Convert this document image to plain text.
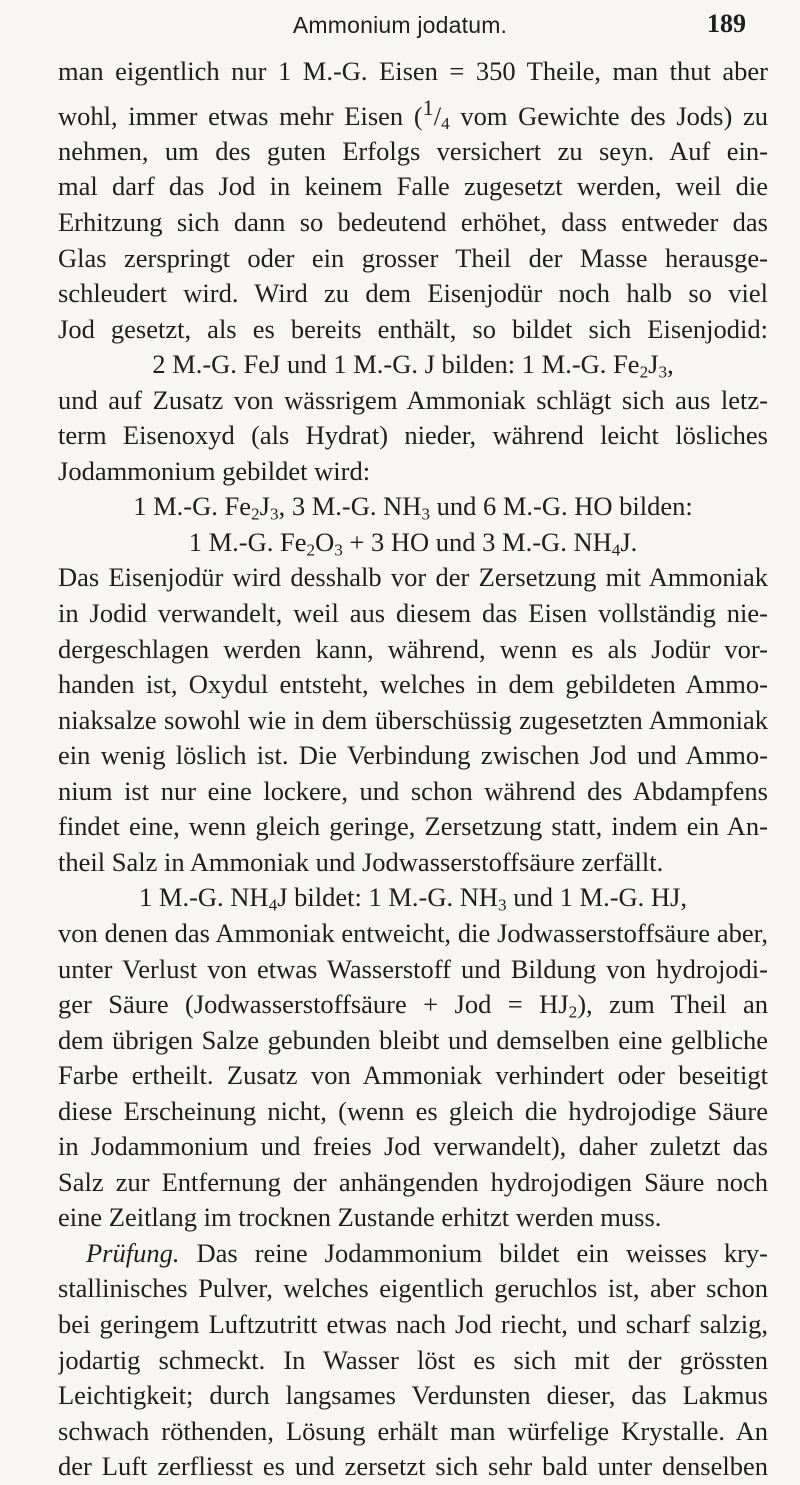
Ammonium jodatum.	189
man eigentlich nur 1 M.-G. Eisen = 350 Theile, man thut aber
wohl, immer etwas mehr Eisen ($^1/_4$ vom Gewichte des Jods) zu
nehmen, um des guten Erfolgs versichert zu seyn. Auf ein-
mal darf das Jod in keinem Falle zugesetzt werden, weil die
Erhitzung sich dann so bedeutend erhöhet, dass entweder das
Glas zerspringt oder ein grosser Theil der Masse herausge-
schleudert wird. Wird zu dem Eisenjodür noch halb so viel
Jod gesetzt, als es bereits enthält, so bildet sich Eisenjodid:
2 M.-G. FeJ und 1 M.-G. J bilden: 1 M.-G. $Fe_2J_3$,
und auf Zusatz von wässrigem Ammoniak schlägt sich aus letz-
term Eisenoxyd (als Hydrat) nieder, während leicht lösliches
Jodammonium gebildet wird:
1 M.-G. $Fe_2J_3$, 3 M.-G. $NH_3$ und 6 M.-G. HO bilden:
1 M.-G. $Fe_2O_3 + 3$ HO und 3 M.-G. $NH_4J$.
Das Eisenjodür wird desshalb vor der Zersetzung mit Ammoniak
in Jodid verwandelt, weil aus diesem das Eisen vollständig nie-
dergeschlagen werden kann, während, wenn es als Jodür vor-
handen ist, Oxydul entsteht, welches in dem gebildeten Ammo-
niaksalze sowohl wie in dem überschüssig zugesetzten Ammoniak
ein wenig löslich ist. Die Verbindung zwischen Jod und Ammo-
nium ist nur eine lockere, und schon während des Abdampfens
findet eine, wenn gleich geringe, Zersetzung statt, indem ein An-
theil Salz in Ammoniak und Jodwasserstoffsäure zerfällt.
1 M.-G. $NH_4J$ bildet: 1 M.-G. $NH_3$ und 1 M.-G. HJ,
von denen das Ammoniak entweicht, die Jodwasserstoffsäure aber,
unter Verlust von etwas Wasserstoff und Bildung von hydrojodi-
ger Säure (Jodwasserstoffsäure + Jod = $HJ_2$), zum Theil an
dem übrigen Salze gebunden bleibt und demselben eine gelbliche
Farbe ertheilt. Zusatz von Ammoniak verhindert oder beseitigt
diese Erscheinung nicht, (wenn es gleich die hydrojodige Säure
in Jodammonium und freies Jod verwandelt), daher zuletzt das
Salz zur Entfernung der anhängenden hydrojodigen Säure noch
eine Zeitlang im trocknen Zustande erhitzt werden muss.
Prüfung. Das reine Jodammonium bildet ein weisses kry-
stallinisches Pulver, welches eigentlich geruchlos ist, aber schon
bei geringem Luftzutritt etwas nach Jod riecht, und scharf salzig,
jodartig schmeckt. In Wasser löst es sich mit der grössten
Leichtigkeit; durch langsames Verdunsten dieser, das Lakmus
schwach röthenden, Lösung erhält man würfelige Krystalle. An
der Luft zerfliesst es und zersetzt sich sehr bald unter denselben
